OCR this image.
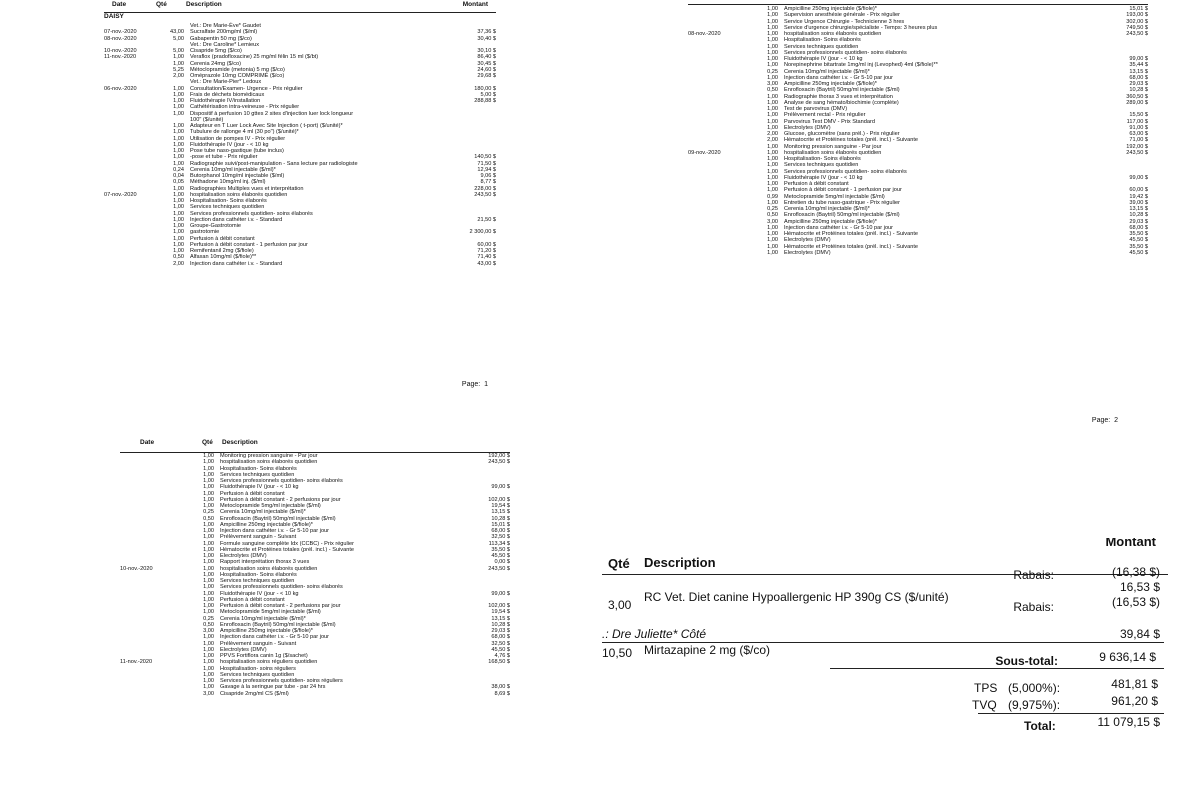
Date	Qté	Description	Montant
DAISY
Vet.: Dre Marie-Ève* Gaudet
07-nov.-2020	43,00 Sucralfate 200mg/ml ($/ml)	37,36 $
08-nov.-2020	5,00 Gabapentin 50 mg ($/co)	30,40 $
Vet.: Dre Caroline* Lemieux
10-nov.-2020	5,00 Cisapride 5mg ($/co)	30,10 $
11-nov.-2020	1,00 Veraflox (pradofloxacine) 25 mg/ml félin 15 ml ($/bt)	86,40 $
1,00 Cerenia 24mg ($/co)	30,45 $
5,25 Métoclopramide (metonia) 5 mg ($/co)	24,60 $
2,00 Oméprazole 10mg COMPRIMÉ ($/co)	29,68 $
Vet.: Dre Marie-Pier* Ledoux
06-nov.-2020	1,00 Consultation/Examen- Urgence - Prix régulier	180,00 $
1,00 Frais de déchets biomédicaux	5,00 $
1,00 Fluidothérapie IV/installation	288,88 $
1,00 Cathétérisation intra-veineuse - Prix régulier
1,00 Dispositif à perfusion 10 gttes 2 sites d'injection luer lock longueur
100" ($/unité)
1,00 Adapteur en T Luer Lock Avec Site Injection ( t-port) ($/unité)*
1,00 Tubulure de rallonge 4 ml (30 po") ($/unité)*
1,00 Utilisation de pompes IV - Prix régulier
1,00 Fluidothérapie IV (jour - < 10 kg
1,00 Pose tube naso-gastique (tube inclus)
1,00 -pose et tube - Prix régulier	140,50 $
1,00 Radiographie suivi/post-manipulation - Sans lecture par radiologiste	71,50 $
0,24 Cerenia 10mg/ml injectable ($/ml)*	12,94 $
0,04 Butorphanol 10mg/ml injectable ($/ml)	9,06 $
0,05 Méthadone 10mg/ml inj. ($/ml)	8,77 $
1,00 Radiographies Multiples vues et interprétation	228,00 $
07-nov.-2020	1,00 hospitalisation soins élaborés quotidien	243,50 $
1,00 Hospitalisation- Soins élaborés
1,00 Services techniques quotidien
1,00 Services professionnels quotidien- soins élaborés
1,00 Injection dans cathéter i.v. - Standard	21,50 $
1,00 Groupe-Gastrotomie
1,00 gastrotomie	2 300,00 $
1,00 Perfusion à débit constant
1,00 Perfusion à débit constant - 1 perfusion par jour	60,00 $
1,00 Remifentanil 2mg ($/fiole)	71,20 $
0,50 Alfaxan 10mg/ml ($/fiole)**	71,40 $
2,00 Injection dans cathéter i.v. - Standard	43,00 $
Page: 1
1,00 Ampicilline 250mg injectable ($/fiole)*	15,01 $
1,00 Supervision anesthésie générale - Prix régulier	193,00 $
1,00 Service Urgence Chirurgie - Technicienne 3 hres	302,00 $
1,00 Service d'urgence chirurgie/spécialiste - Temps: 3 heures plus	749,50 $
08-nov.-2020	1,00 hospitalisation soins élaborés quotidien	243,50 $
1,00 Hospitalisation- Soins élaborés
1,00 Services techniques quotidien
1,00 Services professionnels quotidien- soins élaborés
1,00 Fluidothérapie IV (jour - < 10 kg	99,00 $
1,00 Norepinephrine bitartrate 1mg/ml inj (Levophed) 4ml ($/fiole)**	35,44 $
0,25 Cerenia 10mg/ml injectable ($/ml)*	13,15 $
1,00 Injection dans cathéter i.v. - Gr 5-10 par jour	68,00 $
3,00 Ampicilline 250mg injectable ($/fiole)*	29,03 $
0,50 Enrofloxacin (Baytril) 50mg/ml injectable ($/ml)	10,28 $
1,00 Radiographie thorax 3 vues et interprétation	360,50 $
1,00 Analyse de sang hémato/biochimie (complète)	289,00 $
1,00 Test de parvovirus (DMV)
1,00 Prélèvement rectal - Prix régulier	15,50 $
1,00 Parvovirus Test DMV - Prix Standard	117,00 $
1,00 Electrolytes (DMV)	91,00 $
2,00 Glucose, glucomètre (sans prél.) - Prix régulier	63,00 $
2,00 Hématocrite et Protéines totales (prél. incl.) - Suivante	71,00 $
1,00 Monitoring pression sanguine - Par jour	192,00 $
09-nov.-2020	1,00 hospitalisation soins élaborés quotidien	243,50 $
1,00 Hospitalisation- Soins élaborés
1,00 Services techniques quotidien
1,00 Services professionnels quotidien- soins élaborés
1,00 Fluidothérapie IV (jour - < 10 kg	99,00 $
1,00 Perfusion à débit constant
1,00 Perfusion à débit constant - 1 perfusion par jour	60,00 $
0,99 Metoclopramide 5mg/ml injectable ($/ml)	19,42 $
1,00 Entretien du tube naso-gastrique - Prix régulier	39,00 $
0,25 Cerenia 10mg/ml injectable ($/ml)*	13,15 $
0,50 Enrofloxacin (Baytril) 50mg/ml injectable ($/ml)	10,28 $
3,00 Ampicilline 250mg injectable ($/fiole)*	29,03 $
1,00 Injection dans cathéter i.v. - Gr 5-10 par jour	68,00 $
1,00 Hématocrite et Protéines totales (prél. incl.) - Suivante	35,50 $
1,00 Electrolytes (DMV)	45,50 $
1,00 Hématocrite et Protéines totales (prél. incl.) - Suivante	35,50 $
1,00 Electrolytes (DMV)	45,50 $
Page: 2
Date	Qté Description
1,00 Monitoring pression sanguine - Par jour	192,00 $
1,00 hospitalisation soins élaborés quotidien	243,50 $
1,00 Hospitalisation- Soins élaborés
1,00 Services techniques quotidien
1,00 Services professionnels quotidien- soins élaborés
1,00 Fluidothérapie IV (jour - < 10 kg	99,00 $
1,00 Perfusion à débit constant
1,00 Perfusion à débit constant - 2 perfusions par jour	102,00 $
1,00 Metoclopramide 5mg/ml injectable ($/ml)	19,54 $
0,25 Cerenia 10mg/ml injectable ($/ml)*	13,15 $
0,50 Enrofloxacin (Baytril) 50mg/ml injectable ($/ml)	10,28 $
1,00 Ampicilline 250mg injectable ($/fiole)*	15,01 $
1,00 Injection dans cathéter i.v. - Gr 5-10 par jour	68,00 $
1,00 Prélèvement sanguin - Suivant	32,50 $
1,00 Formule sanguine complète Idx (CCBC) - Prix régulier	113,34 $
1,00 Hématocrite et Protéines totales (prél. incl.) - Suivante	35,50 $
1,00 Electrolytes (DMV)	45,50 $
1,00 Rapport interprétation thorax 3 vues	0,00 $
10-nov.-2020	1,00 hospitalisation soins élaborés quotidien	243,50 $
1,00 Hospitalisation- Soins élaborés
1,00 Services techniques quotidien
1,00 Services professionnels quotidien- soins élaborés
1,00 Fluidothérapie IV (jour - < 10 kg	99,00 $
1,00 Perfusion à débit constant
1,00 Perfusion à débit constant - 2 perfusions par jour	102,00 $
1,00 Metoclopramide 5mg/ml injectable ($/ml)	19,54 $
0,25 Cerenia 10mg/ml injectable ($/ml)*	13,15 $
0,50 Enrofloxacin (Baytril) 50mg/ml injectable ($/ml)	10,28 $
3,00 Ampicilline 250mg injectable ($/fiole)*	29,03 $
1,00 Injection dans cathéter i.v. - Gr 5-10 par jour	68,00 $
1,00 Prélèvement sanguin - Suivant	32,50 $
1,00 Electrolytes (DMV)	45,50 $
1,00 PPVS Fortiflora canin 1g ($/sachet)	4,76 $
11-nov.-2020	1,00 hospitalisation soins réguliers quotidien	168,50 $
1,00 Hospitalisation- soins réguliers
1,00 Services techniques quotidien
1,00 Services professionnels quotidien- soins réguliers
1,00 Gavage à la seringue par tube - par 24 hrs	38,00 $
3,00 Cisapride 2mg/ml CS ($/ml)	8,69 $
Qté Description
Montant
Rabais:	(16,38 $)
3,00
RC Vet. Diet canine Hypoallergenic HP 390g CS ($/unité)
16,53 $
Rabais:	(16,53 $)
.: Dre Juliette* Côté	39,84 $
10,50 Mirtazapine 2 mg ($/co)
Sous-total:	9 636,14 $
TPS (5,000%):	481,81 $
TVQ (9,975%):	961,20 $
Total:	11 079,15 $
